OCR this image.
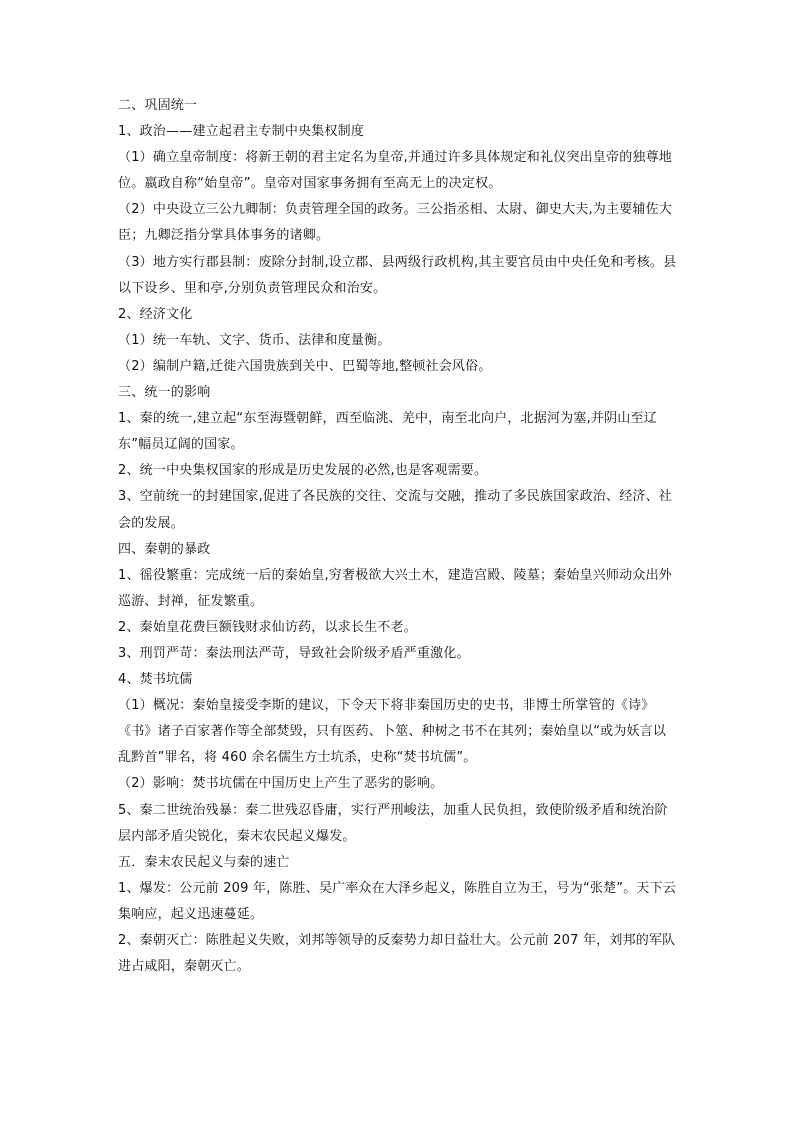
二、巩固统一

1、政治——建立起君主专制中央集权制度

（1）确立皇帝制度：将新王朝的君主定名为皇帝,并通过许多具体规定和礼仪突出皇帝的独尊地位。嬴政自称“始皇帝”。皇帝对国家事务拥有至高无上的决定权。

（2）中央设立三公九卿制：负责管理全国的政务。三公指丞相、太尉、御史大夫,为主要辅佐大臣；九卿泛指分掌具体事务的诸卿。

（3）地方实行郡县制：废除分封制,设立郡、县两级行政机构,其主要官员由中央任免和考核。县以下设乡、里和亭,分别负责管理民众和治安。

2、经济文化

（1）统一车轨、文字、货币、法律和度量衡。

（2）编制户籍,迁徙六国贵族到关中、巴蜀等地,整顿社会风俗。

三、统一的影响

1、秦的统一,建立起“东至海暨朝鲜，西至临洮、羌中，南至北向户，北据河为塞,并阴山至辽东”幅员辽阔的国家。

2、统一中央集权国家的形成是历史发展的必然,也是客观需要。

3、空前统一的封建国家,促进了各民族的交往、交流与交融，推动了多民族国家政治、经济、社会的发展。

四、秦朝的暴政

1、徭役繁重：完成统一后的秦始皇,穷奢极欲大兴土木，建造宫殿、陵墓；秦始皇兴师动众出外巡游、封禅，征发繁重。

2、秦始皇花费巨额钱财求仙访药，以求长生不老。

3、刑罚严苛：秦法刑法严苛，导致社会阶级矛盾严重激化。

4、焚书坑儒

（1）概况：秦始皇接受李斯的建议，下令天下将非秦国历史的史书，非博士所掌管的《诗》《书》诸子百家著作等全部焚毁，只有医药、卜筮、种树之书不在其列；秦始皇以“或为妖言以乱黔首”罪名，将 460 余名儒生方士坑杀，史称“焚书坑儒”。

（2）影响：焚书坑儒在中国历史上产生了恶劣的影响。

5、秦二世统治残暴：秦二世残忍昏庸，实行严刑峻法，加重人民负担，致使阶级矛盾和统治阶层内部矛盾尖锐化，秦末农民起义爆发。

五．秦末农民起义与秦的速亡

1、爆发：公元前 209 年，陈胜、吴广率众在大泽乡起义，陈胜自立为王，号为“张楚”。天下云集响应，起义迅速蔓延。

2、秦朝灭亡：陈胜起义失败，刘邦等领导的反秦势力却日益壮大。公元前 207 年，刘邦的军队进占咸阳，秦朝灭亡。
